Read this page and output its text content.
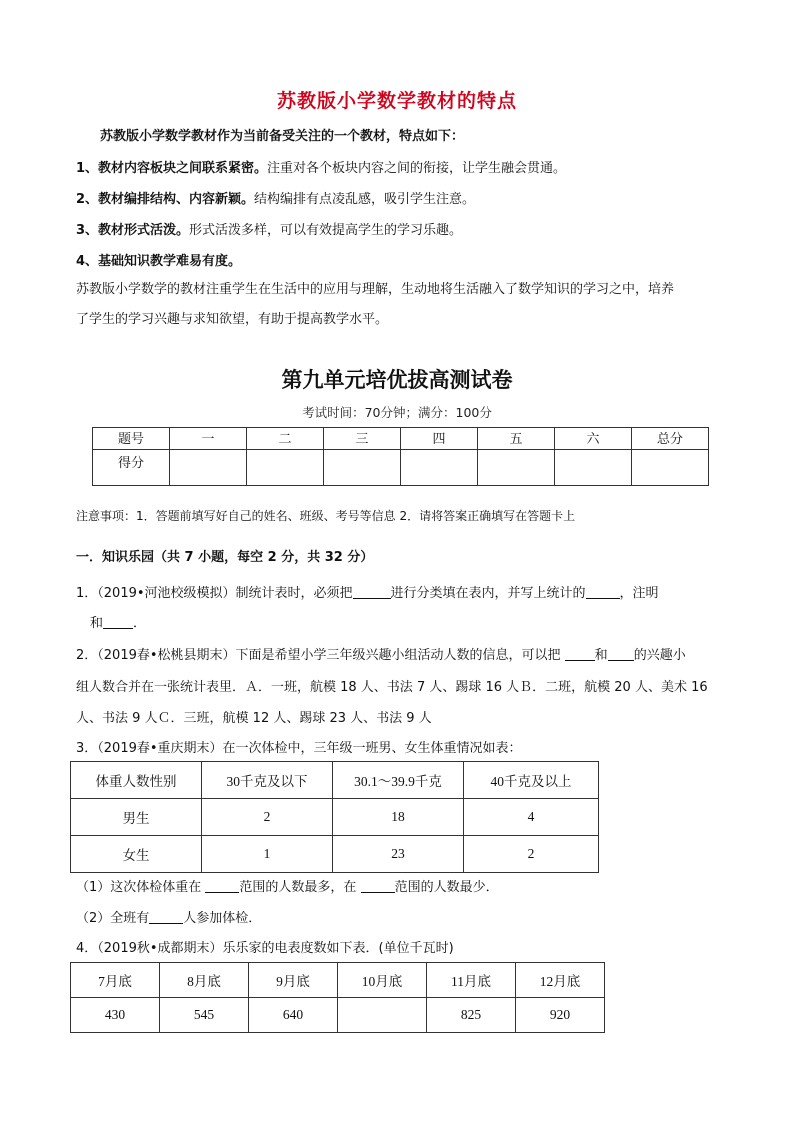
苏教版小学数学教材的特点
苏教版小学数学教材作为当前备受关注的一个教材，特点如下：
1、教材内容板块之间联系紧密。注重对各个板块内容之间的衔接，让学生融会贯通。
2、教材编排结构、内容新颖。结构编排有点凌乱感，吸引学生注意。
3、教材形式活泼。形式活泼多样，可以有效提高学生的学习乐趣。
4、基础知识教学难易有度。
苏教版小学数学的教材注重学生在生活中的应用与理解，生动地将生活融入了数学知识的学习之中，培养
了学生的学习兴趣与求知欲望，有助于提高教学水平。
第九单元培优拔高测试卷
考试时间：70分钟；满分：100分
题号	一	二	三	四	五	六	总分
得分							
注意事项：1．答题前填写好自己的姓名、班级、考号等信息 2．请将答案正确填写在答题卡上
一．知识乐园（共 7 小题，每空 2 分，共 32 分）
1．（2019•河池校级模拟）制统计表时，必须把	进行分类填在表内，并写上统计的	，注明
和 ．
2．（2019春•松桃县期末）下面是希望小学三年级兴趣小组活动人数的信息，可以把	和 的兴趣小
组人数合并在一张统计表里．Ａ．一班，航模 18 人、书法 7 人、踢球 16 人Ｂ．二班，航模 20 人、美术 16
人、书法 9 人Ｃ．三班，航模 12 人、踢球 23 人、书法 9 人
3．（2019春•重庆期末）在一次体检中，三年级一班男、女生体重情况如表：
体重人数性别	30千克及以下	30.1～39.9千克	40千克及以上
男生	2	18	4
女生	1	23	2
（1）这次体检体重在	范围的人数最多，在	范围的人数最少．
（2）全班有	人参加体检．
4．（2019秋•成都期末）乐乐家的电表度数如下表．(单位千瓦时)
7月底	8月底	9月底	10月底	11月底	12月底
430	545	640		825	920
